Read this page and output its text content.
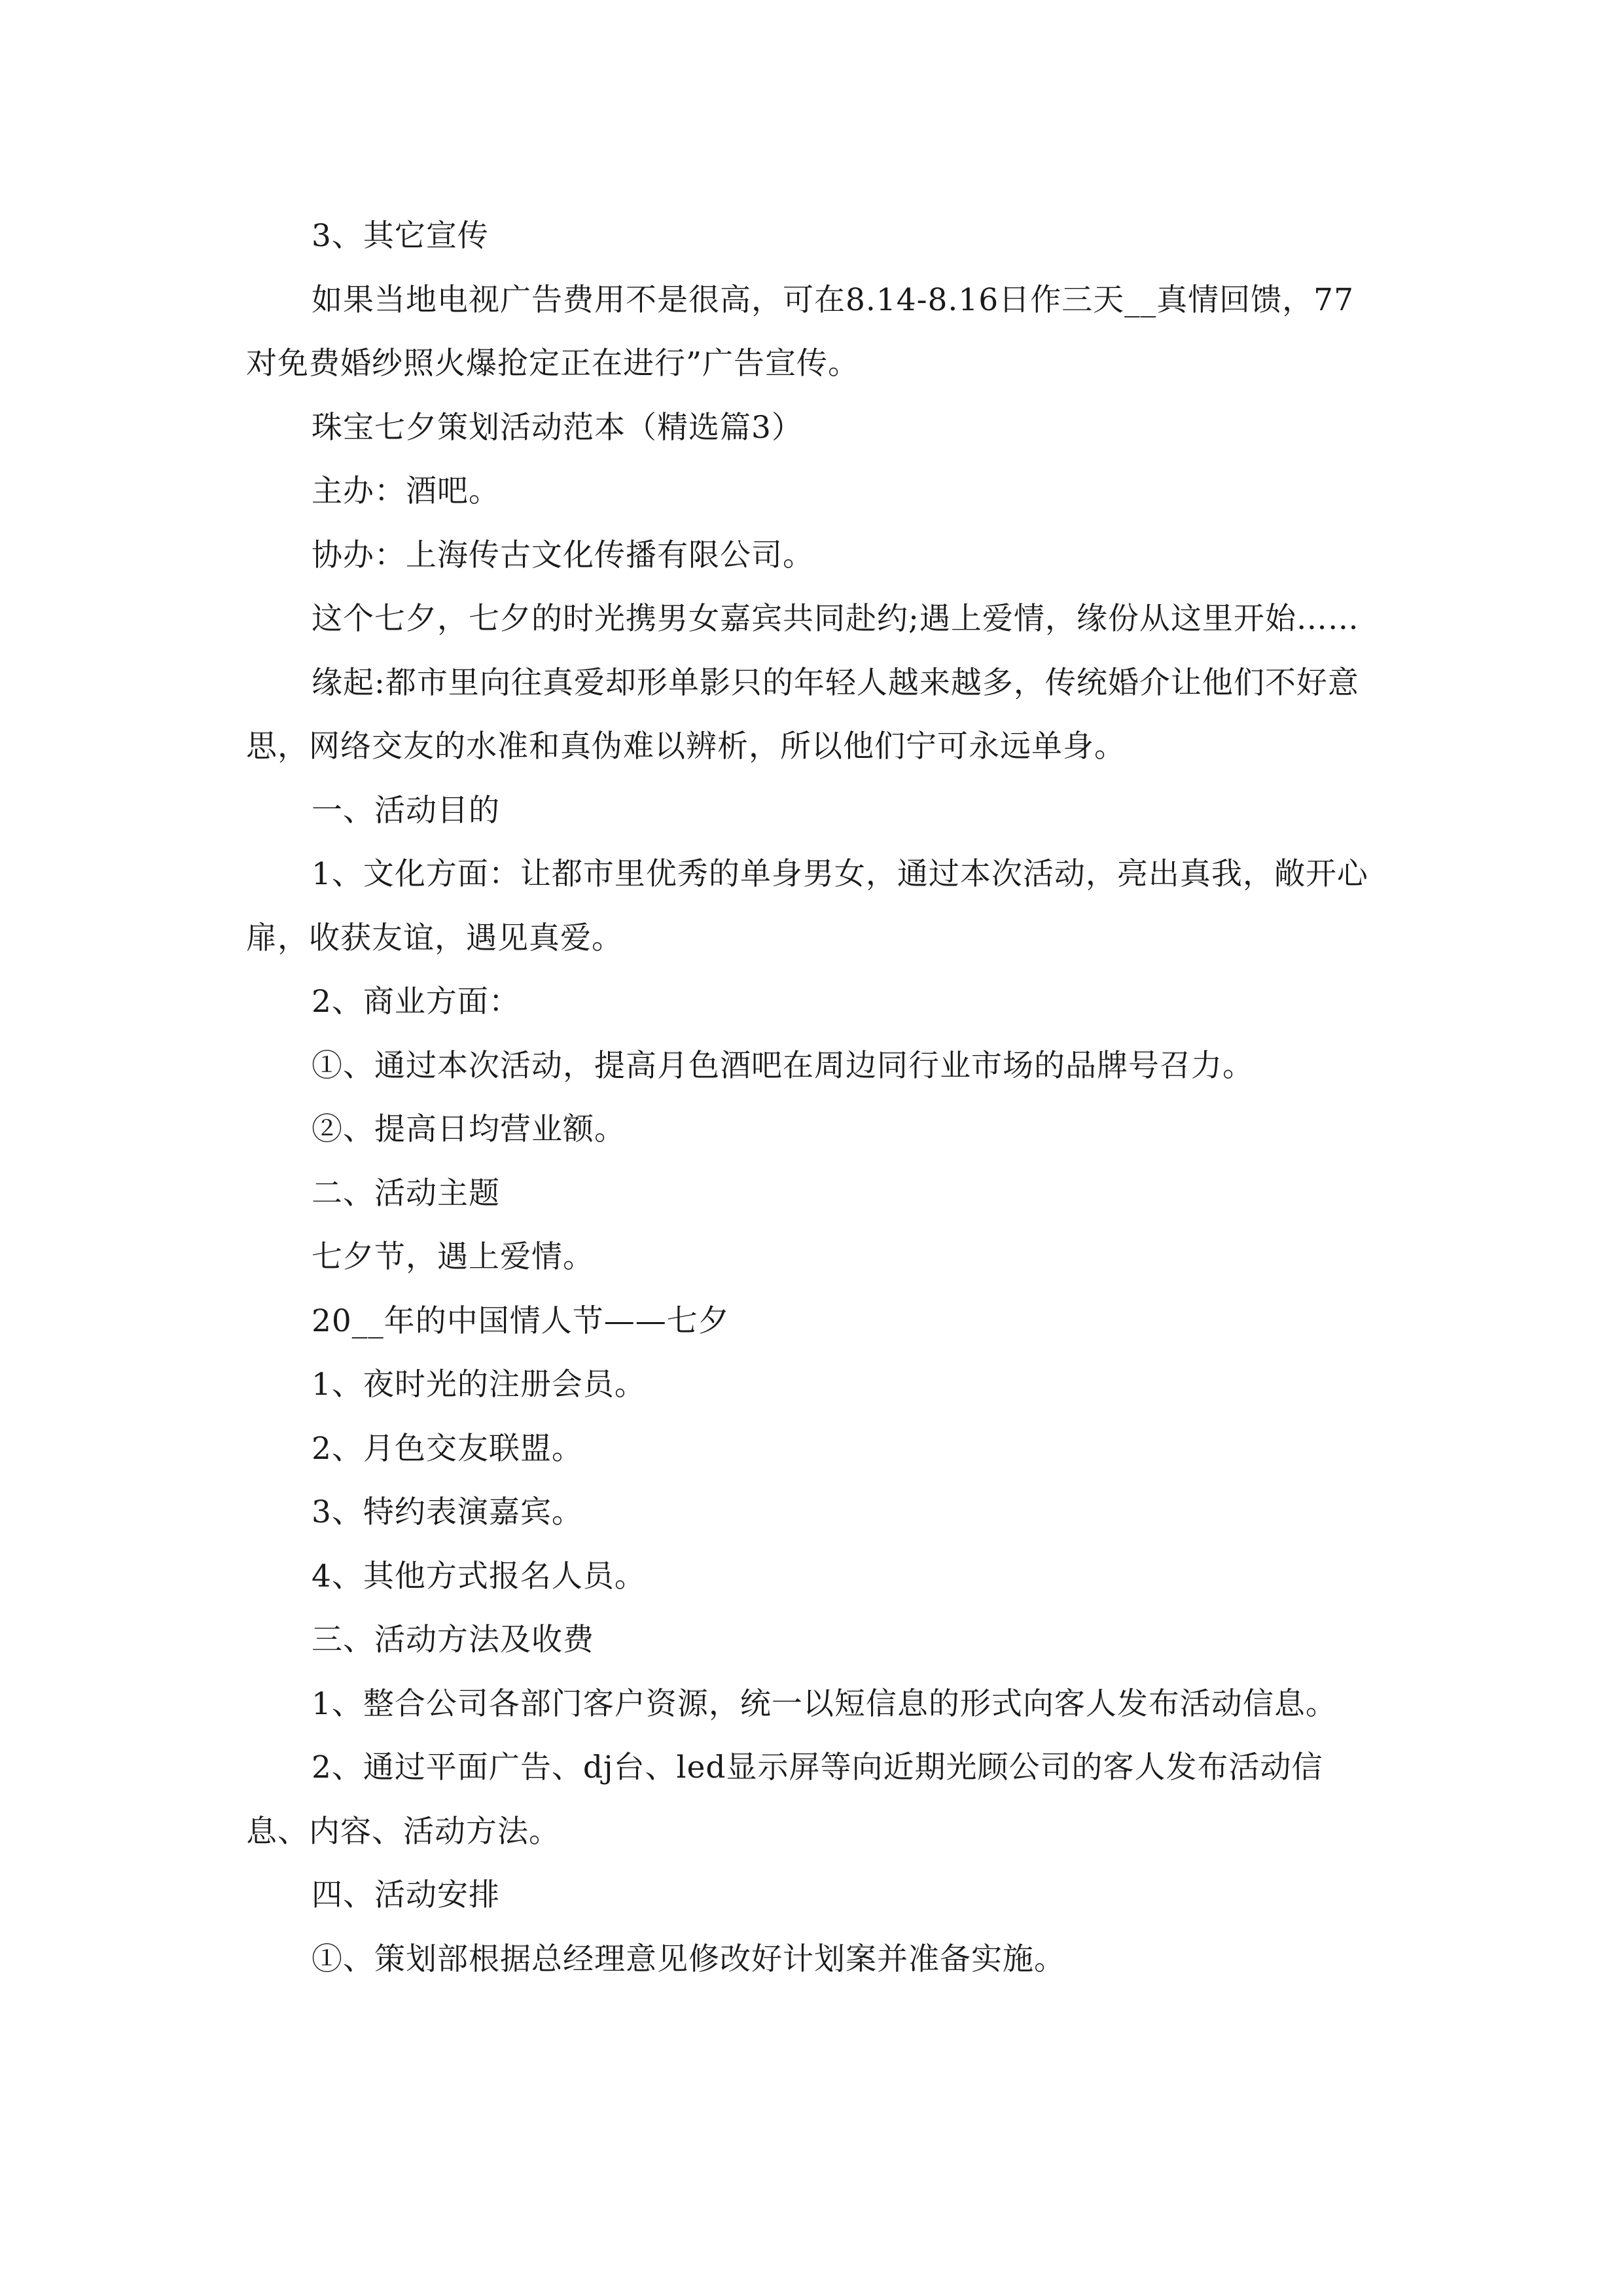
3、其它宣传

如果当地电视广告费用不是很高，可在8.14-8.16日作三天__真情回馈，77对免费婚纱照火爆抢定正在进行”广告宣传。

珠宝七夕策划活动范本（精选篇3）

主办：酒吧。

协办：上海传古文化传播有限公司。

这个七夕，七夕的时光携男女嘉宾共同赴约;遇上爱情，缘份从这里开始……

缘起:都市里向往真爱却形单影只的年轻人越来越多，传统婚介让他们不好意思，网络交友的水准和真伪难以辨析，所以他们宁可永远单身。

一、活动目的

1、文化方面：让都市里优秀的单身男女，通过本次活动，亮出真我，敞开心扉，收获友谊，遇见真爱。

2、商业方面：

①、通过本次活动，提高月色酒吧在周边同行业市场的品牌号召力。

②、提高日均营业额。

二、活动主题

七夕节，遇上爱情。

20__年的中国情人节——七夕

1、夜时光的注册会员。

2、月色交友联盟。

3、特约表演嘉宾。

4、其他方式报名人员。

三、活动方法及收费

1、整合公司各部门客户资源，统一以短信息的形式向客人发布活动信息。

2、通过平面广告、dj台、led显示屏等向近期光顾公司的客人发布活动信息、内容、活动方法。

四、活动安排

①、策划部根据总经理意见修改好计划案并准备实施。
